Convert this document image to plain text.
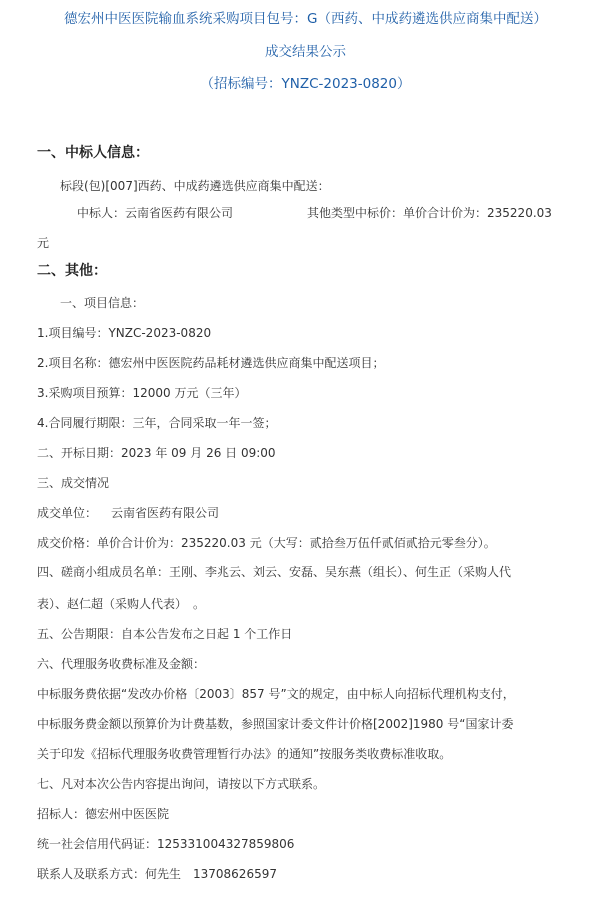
德宏州中医医院输血系统采购项目包号：G（西药、中成药遴选供应商集中配送）
成交结果公示
（招标编号：YNZC-2023-0820）
一、中标人信息：
标段(包)[007]西药、中成药遴选供应商集中配送：
中标人：云南省医药有限公司	其他类型中标价：单价合计价为：235220.03
元
二、其他：
一、项目信息：
1.项目编号：YNZC-2023-0820
2.项目名称：德宏州中医医院药品耗材遴选供应商集中配送项目；
3.采购项目预算：12000 万元（三年）
4.合同履行期限：三年，合同采取一年一签；
二、开标日期：2023 年 09 月 26 日 09:00
三、成交情况
成交单位： 云南省医药有限公司
成交价格：单价合计价为：235220.03 元（大写：贰拾叁万伍仟贰佰贰拾元零叁分）。
四、磋商小组成员名单：王刚、李兆云、刘云、安磊、吴东燕（组长）、何生正（采购人代
表）、赵仁超（采购人代表）　。
五、公告期限：自本公告发布之日起 1 个工作日
六、代理服务收费标准及金额：
中标服务费依据“发改办价格〔2003〕857 号”文的规定，由中标人向招标代理机构支付，
中标服务费金额以预算价为计费基数，参照国家计委文件计价格[2002]1980 号“国家计委
关于印发《招标代理服务收费管理暂行办法》的通知”按服务类收费标准收取。
七、凡对本次公告内容提出询问，请按以下方式联系。
招标人：德宏州中医医院
统一社会信用代码证：125331004327859806
联系人及联系方式：何先生　13708626597
